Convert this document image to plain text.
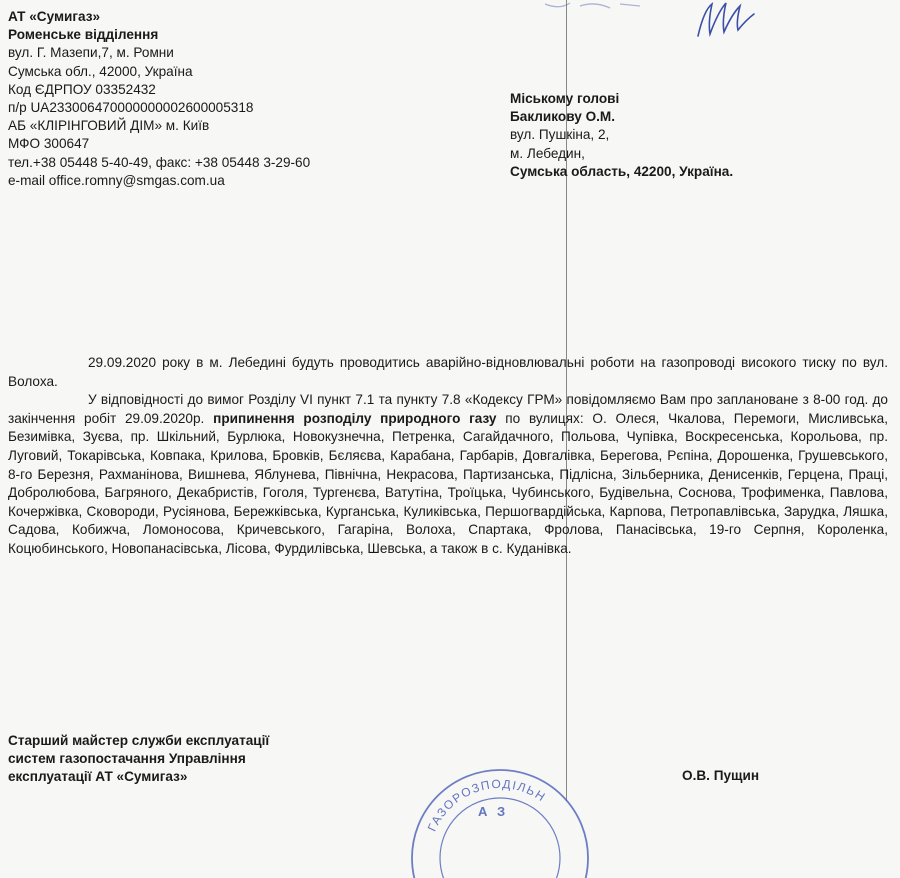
АТ «Сумигаз»
Роменське відділення
вул. Г. Мазепи,7, м. Ромни
Сумська обл., 42000, Україна
Код ЄДРПОУ 03352432
п/р UA233006470000000002600005318
АБ «КЛІРІНГОВИЙ ДІМ» м. Київ
МФО 300647
тел.+38 05448 5-40-49, факс: +38 05448 3-29-60
e-mail office.romny@smgas.com.ua
Міському голові
Бакликову О.М.
вул. Пушкіна, 2,
м. Лебедин,
Сумська область, 42200, Україна.

29.09.2020 року в м. Лебедині будуть проводитись аварійно-відновлювальні роботи на газопроводі високого тиску по вул. Волоха.

У відповідності до вимог Розділу VI пункт 7.1 та пункту 7.8 «Кодексу ГРМ» повідомляємо Вам про заплановане з 8-00 год. до закінчення робіт 29.09.2020р. припинення розподілу природного газу по вулицях: О. Олеся, Чкалова, Перемоги, Мисливська, Безимівка, Зуєва, пр. Шкільний, Бурлюка, Новокузнечна, Петренка, Сагайдачного, Польова, Чупівка, Воскресенська, Корольова, пр. Луговий, Токарівська, Ковпака, Крилова, Бровків, Бєляєва, Карабана, Гарбарів, Довгалівка, Берегова, Рєпіна, Дорошенка, Грушевського, 8-го Березня, Рахманінова, Вишнева, Яблунева, Північна, Некрасова, Партизанська, Підлісна, Зільберника, Денисенків, Герцена, Праці, Добролюбова, Багряного, Декабристів, Гоголя, Тургенєва, Ватутіна, Троїцька, Чубинського, Будівельна, Соснова, Трофименка, Павлова, Кочержівка, Сковороди, Русіянова, Бережківська, Курганська, Куликівська, Першогвардійська, Карпова, Петропавлівська, Зарудка, Ляшка, Садова, Кобижча, Ломоносова, Кричевського, Гагаріна, Волоха, Спартака, Фролова, Панасівська, 19-го Серпня, Короленка, Коцюбинського, Новопанасівська, Лісова, Фурдилівська, Шевська, а також в с. Куданівка.

Старший майстер служби експлуатації
систем газопостачання Управління
експлуатації АТ «Сумигаз»	О.В. Пущин
ГАЗОРОЗПОДІЛЬН
А З
